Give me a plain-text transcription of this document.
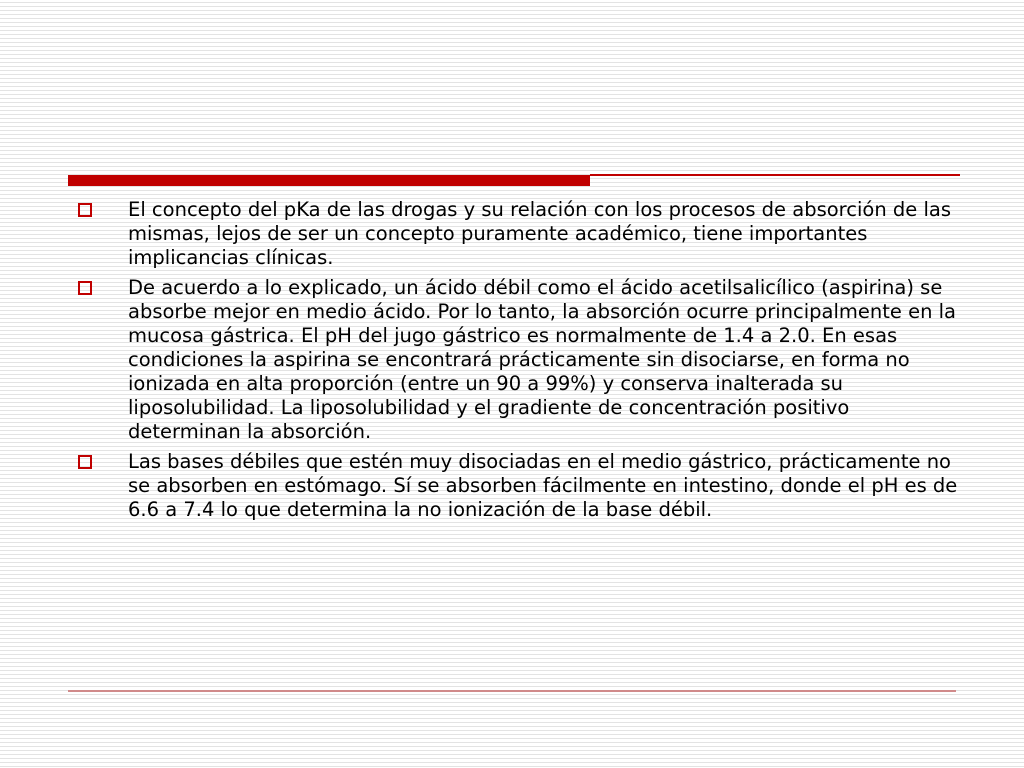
El concepto del pKa de las drogas y su relación con los procesos de absorción de las mismas, lejos de ser un concepto puramente académico, tiene importantes implicancias clínicas.
De acuerdo a lo explicado, un ácido débil como el ácido acetilsalicílico (aspirina) se absorbe mejor en medio ácido. Por lo tanto, la absorción ocurre principalmente en la mucosa gástrica. El pH del jugo gástrico es normalmente de 1.4 a 2.0. En esas condiciones la aspirina se encontrará prácticamente sin disociarse, en forma no ionizada en alta proporción (entre un 90 a 99%) y conserva inalterada su liposolubilidad. La liposolubilidad y el gradiente de concentración positivo determinan la absorción.
Las bases débiles que estén muy disociadas en el medio gástrico, prácticamente no se absorben en estómago. Sí se absorben fácilmente en intestino, donde el pH es de 6.6 a 7.4 lo que determina la no ionización de la base débil.
